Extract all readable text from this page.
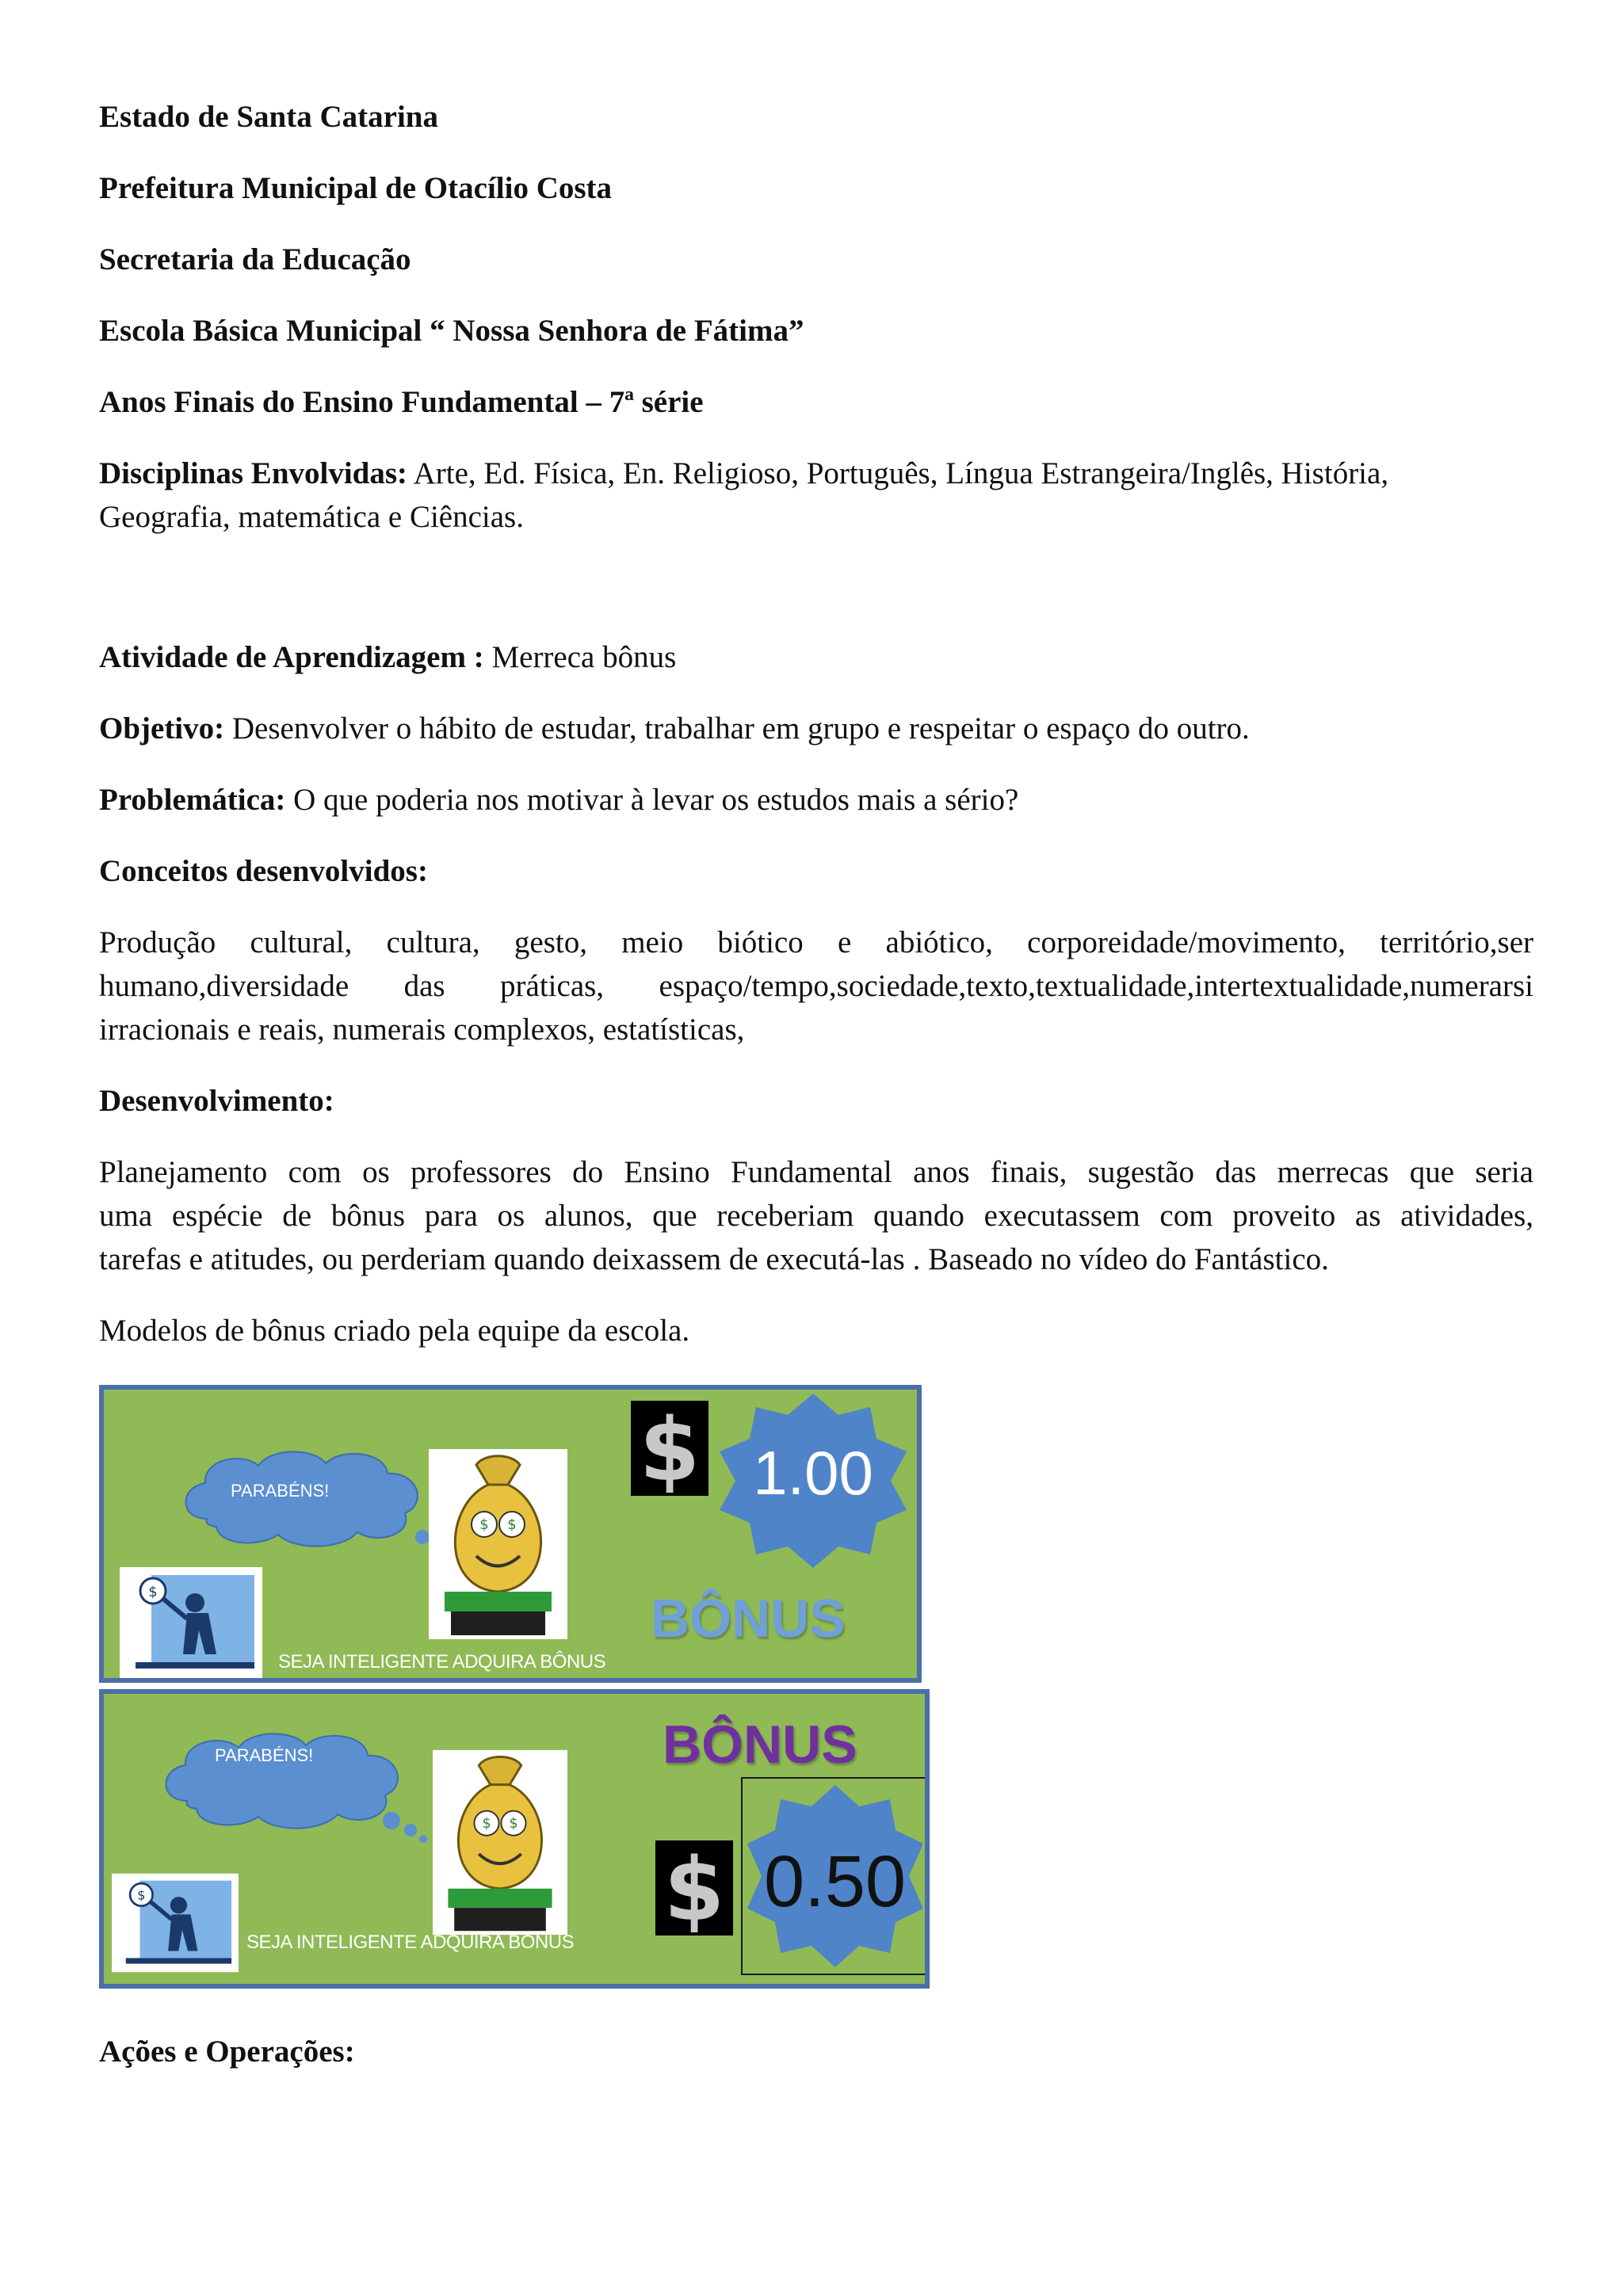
Estado de Santa Catarina
Prefeitura Municipal de Otacílio Costa
Secretaria da Educação
Escola Básica Municipal “ Nossa Senhora de Fátima”
Anos Finais do Ensino Fundamental – 7ª série
Disciplinas Envolvidas: Arte, Ed. Física, En. Religioso, Português, Língua Estrangeira/Inglês, História,
Geografia, matemática e Ciências.
Atividade de Aprendizagem : Merreca bônus
Objetivo: Desenvolver o hábito de estudar, trabalhar em grupo e respeitar o espaço do outro.
Problemática: O que poderia nos motivar à levar os estudos mais a sério?
Conceitos desenvolvidos:
Produção cultural, cultura, gesto, meio biótico e abiótico, corporeidade/movimento, território,ser
humano,diversidade das práticas, espaço/tempo,sociedade,texto,textualidade,intertextualidade,numerarsi
irracionais e reais, numerais complexos, estatísticas,
Desenvolvimento:
Planejamento com os professores do Ensino Fundamental anos finais, sugestão das merrecas que seria
uma espécie de bônus para os alunos, que receberiam quando executassem com proveito as atividades,
tarefas e atitudes, ou perderiam quando deixassem de executá-las . Baseado no vídeo do Fantástico.
Modelos de bônus criado pela equipe da escola.
PARABÉNS!
$
$ $
$ 1.00
BÔNUS
SEJA INTELIGENTE ADQUIRA BÔNUS
PARABÉNS!
$
$ $
BÔNUS
$ 0.50
SEJA INTELIGENTE ADQUIRA BÔNUS
Ações e Operações:
